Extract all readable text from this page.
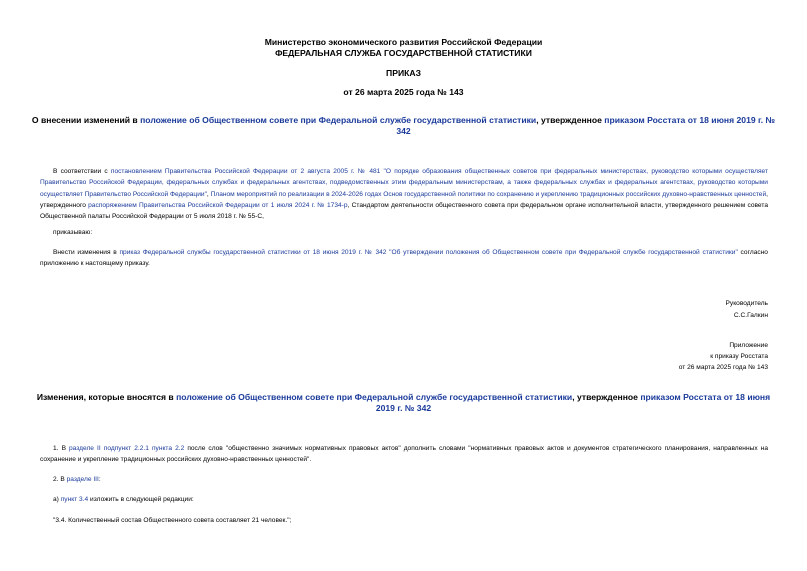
Министерство экономического развития Российской Федерации
ФЕДЕРАЛЬНАЯ СЛУЖБА ГОСУДАРСТВЕННОЙ СТАТИСТИКИ
ПРИКАЗ
от 26 марта 2025 года № 143
О внесении изменений в положение об Общественном совете при Федеральной службе государственной статистики, утвержденное приказом Росстата от 18 июня 2019 г. № 342
В соответствии с постановлением Правительства Российской Федерации от 2 августа 2005 г. № 481 "О порядке образования общественных советов при федеральных министерствах, руководство которыми осуществляет Правительство Российской Федерации, федеральных службах и федеральных агентствах, подведомственных этим федеральным министерствам, а также федеральных службах и федеральных агентствах, руководство которыми осуществляет Правительство Российской Федерации", Планом мероприятий по реализации в 2024-2026 годах Основ государственной политики по сохранению и укреплению традиционных российских духовно-нравственных ценностей, утвержденного распоряжением Правительства Российской Федерации от 1 июля 2024 г. № 1734-р, Стандартом деятельности общественного совета при федеральном органе исполнительной власти, утвержденного решением совета Общественной палаты Российской Федерации от 5 июля 2018 г. № 55-С,
приказываю:
Внести изменения в приказ Федеральной службы государственной статистики от 18 июня 2019 г. № 342 "Об утверждении положения об Общественном совете при Федеральной службе государственной статистики" согласно приложению к настоящему приказу.
Руководитель
С.С.Галкин
Приложение
к приказу Росстата
от 26 марта 2025 года № 143
Изменения, которые вносятся в положение об Общественном совете при Федеральной службе государственной статистики, утвержденное приказом Росстата от 18 июня 2019 г. № 342
1. В разделе II подпункт 2.2.1 пункта 2.2 после слов "общественно значимых нормативных правовых актов" дополнить словами "нормативных правовых актов и документов стратегического планирования, направленных на сохранение и укрепление традиционных российских духовно-нравственных ценностей".
2. В разделе III:
а) пункт 3.4 изложить в следующей редакции:
"3.4. Количественный состав Общественного совета составляет 21 человек.";
